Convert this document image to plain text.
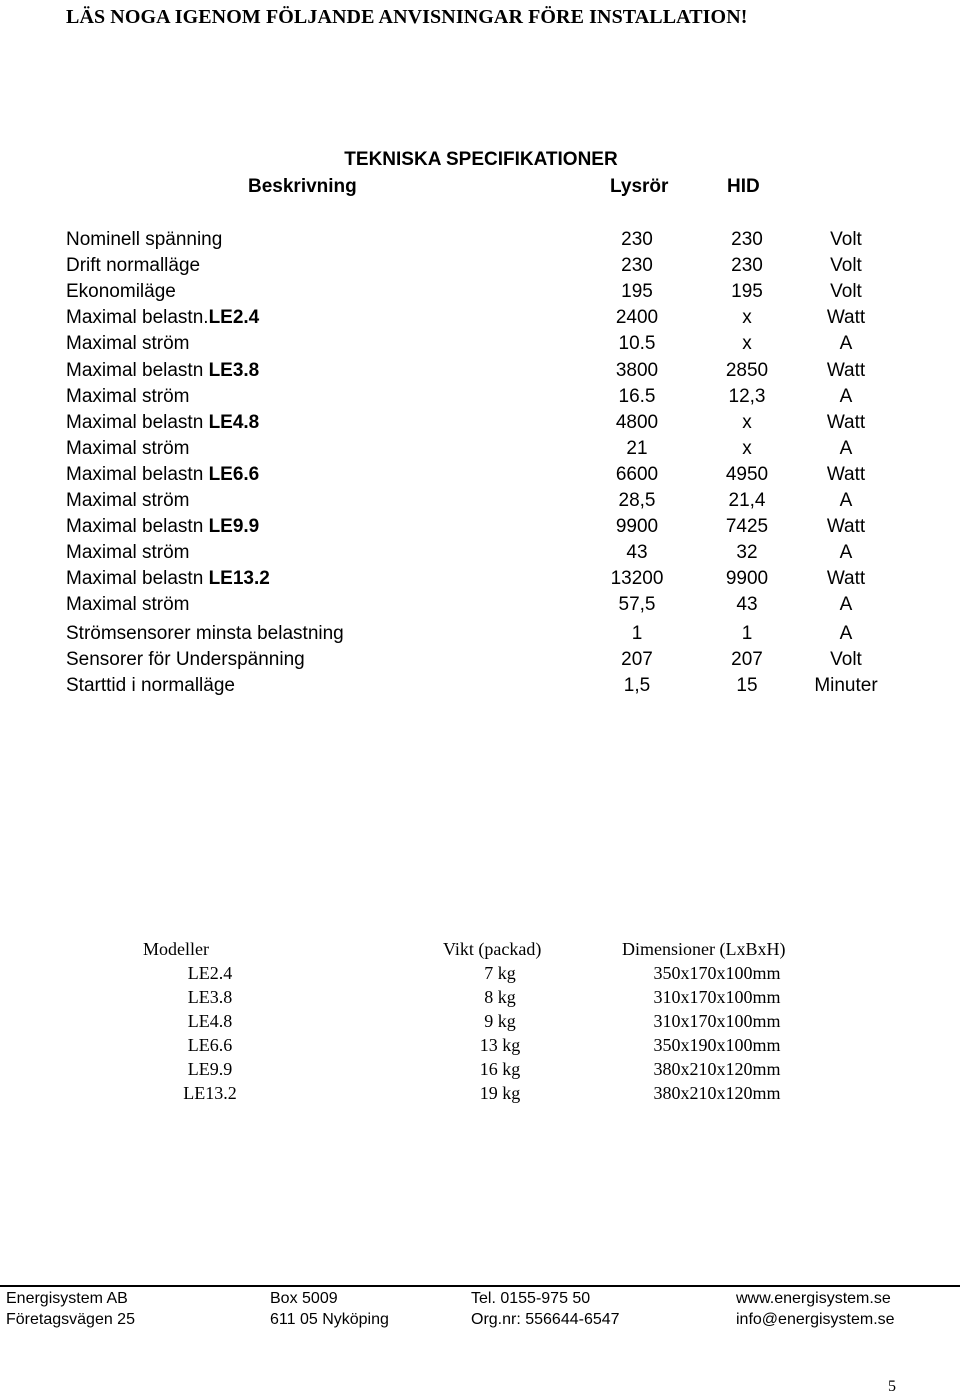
LÄS NOGA IGENOM FÖLJANDE ANVISNINGAR FÖRE INSTALLATION!
TEKNISKA SPECIFIKATIONER
Beskrivning	Lysrör	HID
Nominell spänning	230	230	Volt
Drift normalläge	230	230	Volt
Ekonomiläge	195	195	Volt
Maximal belastn.LE2.4	2400	x	Watt
Maximal ström	10.5	x	A
Maximal belastn LE3.8	3800	2850	Watt
Maximal ström	16.5	12,3	A
Maximal belastn LE4.8	4800	x	Watt
Maximal ström	21	x	A
Maximal belastn LE6.6	6600	4950	Watt
Maximal ström	28,5	21,4	A
Maximal belastn LE9.9	9900	7425	Watt
Maximal ström	43	32	A
Maximal belastn LE13.2	13200	9900	Watt
Maximal ström	57,5	43	A
Strömsensorer minsta belastning	1	1	A
Sensorer för Underspänning	207	207	Volt
Starttid i normalläge	1,5	15	Minuter
Modeller	Vikt (packad)	Dimensioner (LxBxH)
LE2.4	7 kg	350x170x100mm
LE3.8	8 kg	310x170x100mm
LE4.8	9 kg	310x170x100mm
LE6.6	13 kg	350x190x100mm
LE9.9	16 kg	380x210x120mm
LE13.2	19 kg	380x210x120mm
Energisystem AB
Företagsvägen 25
Box 5009
611 05 Nyköping
Tel. 0155-975 50
Org.nr: 556644-6547
www.energisystem.se
info@energisystem.se
5
